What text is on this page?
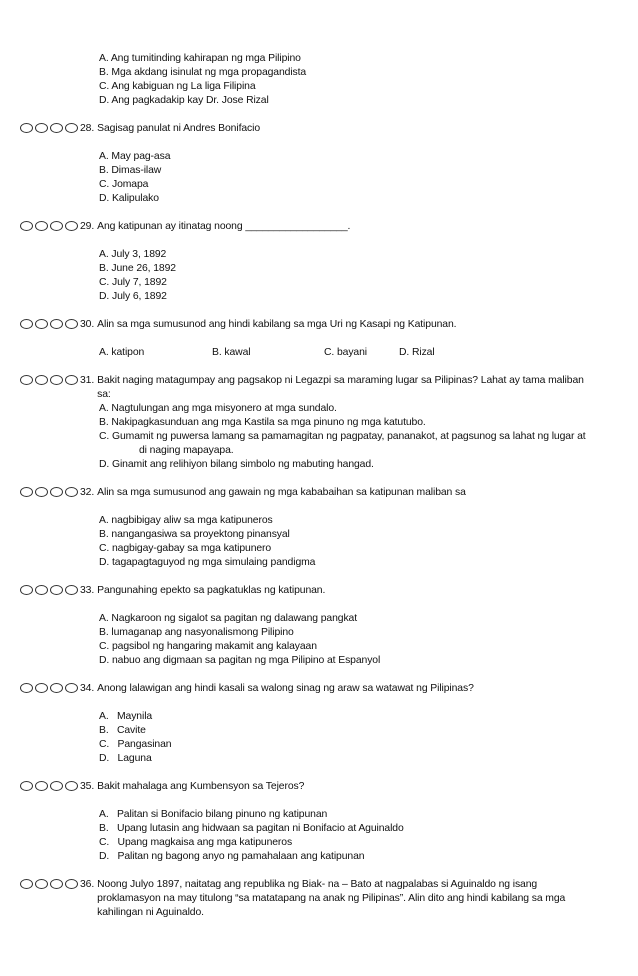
A. Ang tumitinding kahirapan ng mga Pilipino
B. Mga akdang isinulat ng mga propagandista
C. Ang kabiguan ng La liga Filipina
D. Ang pagkadakip kay Dr. Jose Rizal
28. Sagisag panulat ni Andres Bonifacio
A. May pag-asa
B. Dimas-ilaw
C. Jomapa
D. Kalipulako
29. Ang katipunan ay itinatag noong __________________.
A. July 3, 1892
B. June 26, 1892
C. July 7, 1892
D. July 6, 1892
30. Alin sa mga sumusunod ang hindi kabilang sa mga Uri ng Kasapi ng Katipunan.
A. katipon	B. kawal	C. bayani	D. Rizal
31. Bakit naging matagumpay ang pagsakop ni Legazpi sa maraming lugar sa Pilipinas? Lahat ay tama maliban sa:
A. Nagtulungan ang mga misyonero at mga sundalo.
B. Nakipagkasunduan ang mga Kastila sa mga pinuno ng mga katutubo.
C. Gumamit ng puwersa lamang sa pamamagitan ng pagpatay, pananakot, at pagsunog sa lahat ng lugar at
di naging mapayapa.
D. Ginamit ang relihiyon bilang simbolo ng mabuting hangad.
32. Alin sa mga sumusunod ang gawain ng mga kababaihan sa katipunan maliban sa
A. nagbibigay aliw sa mga katipuneros
B. nangangasiwa sa proyektong pinansyal
C. nagbigay-gabay sa mga katipunero
D. tagapagtaguyod ng mga simulaing pandigma
33. Pangunahing epekto sa pagkatuklas ng katipunan.
A. Nagkaroon ng sigalot sa pagitan ng dalawang pangkat
B. lumaganap ang nasyonalismong Pilipino
C. pagsibol ng hangaring makamit ang kalayaan
D. nabuo ang digmaan sa pagitan ng mga Pilipino at Espanyol
34. Anong lalawigan ang hindi kasali sa walong sinag ng araw sa watawat ng Pilipinas?
A.   Maynila
B.   Cavite
C.   Pangasinan
D.   Laguna
35. Bakit mahalaga ang Kumbensyon sa Tejeros?
A.   Palitan si Bonifacio bilang pinuno ng katipunan
B.   Upang lutasin ang hidwaan sa pagitan ni Bonifacio at Aguinaldo
C.   Upang magkaisa ang mga katipuneros
D.   Palitan ng bagong anyo ng pamahalaan ang katipunan
36. Noong Julyo 1897, naitatag ang republika ng Biak- na – Bato at nagpalabas si Aguinaldo ng isang proklamasyon na may titulong “sa matatapang na anak ng Pilipinas”. Alin dito ang hindi kabilang sa mga kahilingan ni Aguinaldo.
